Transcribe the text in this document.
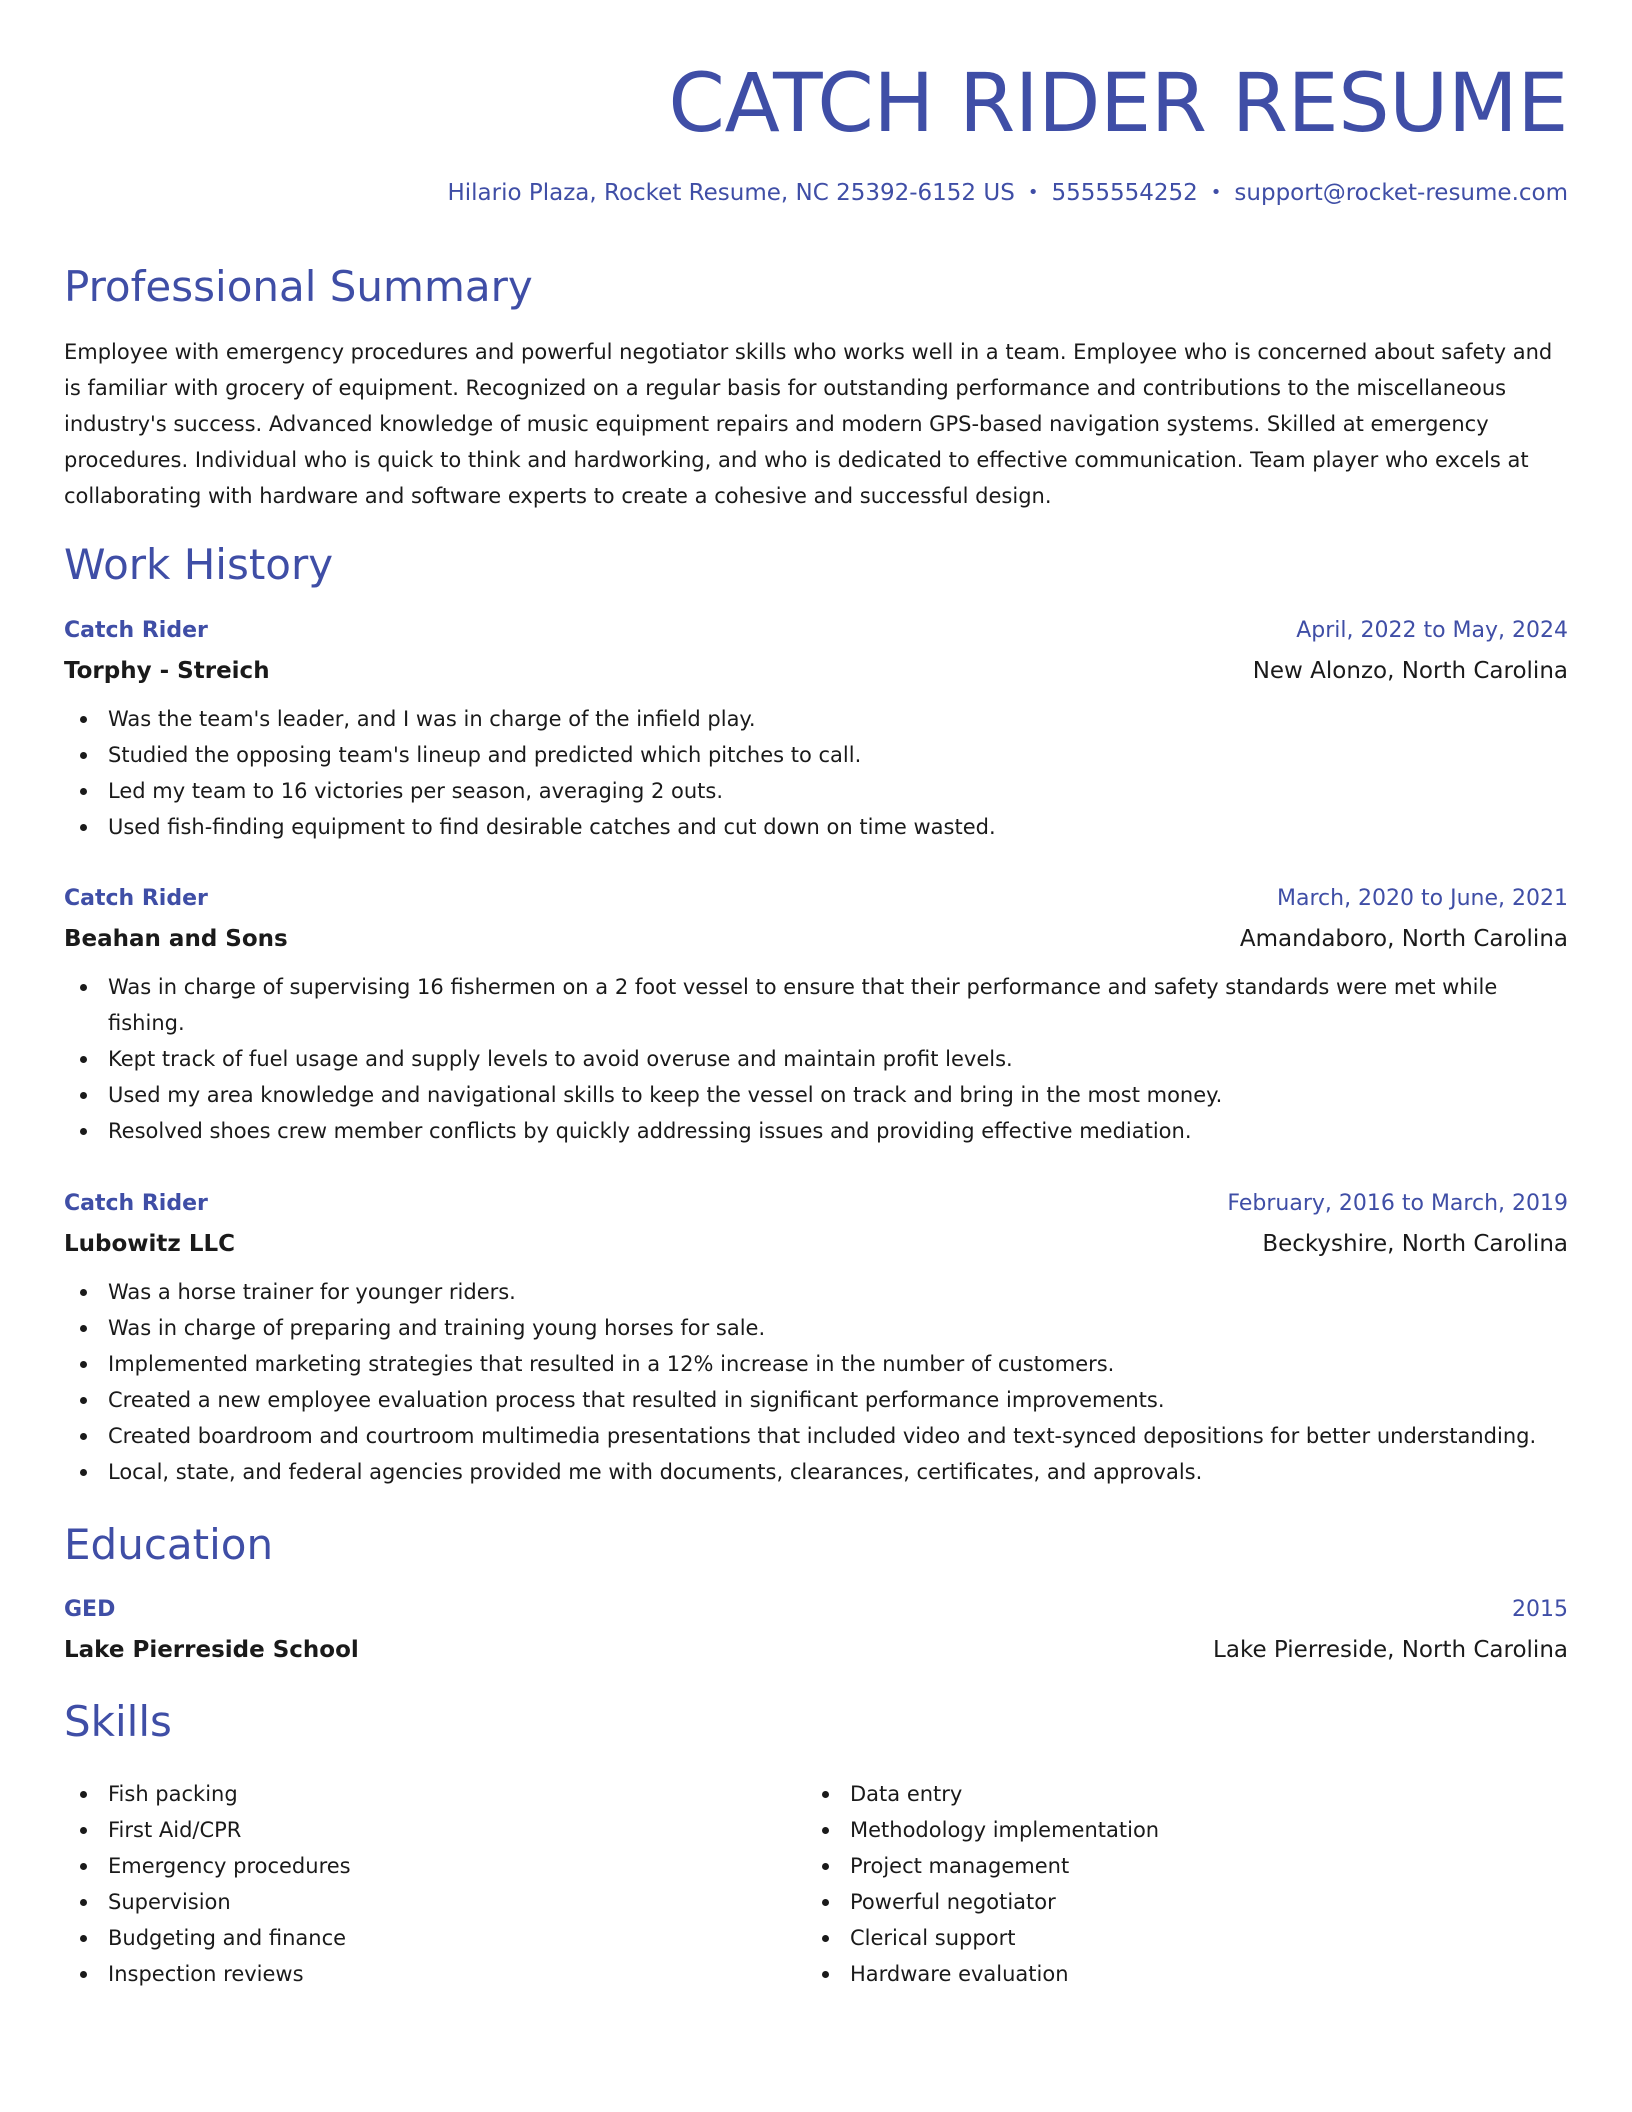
CATCH RIDER RESUME
Hilario Plaza, Rocket Resume, NC 25392-6152 US • 5555554252 • support@rocket-resume.com
Professional Summary

Employee with emergency procedures and powerful negotiator skills who works well in a team. Employee who is concerned about safety and is familiar with grocery of equipment. Recognized on a regular basis for outstanding performance and contributions to the miscellaneous industry's success. Advanced knowledge of music equipment repairs and modern GPS-based navigation systems. Skilled at emergency procedures. Individual who is quick to think and hardworking, and who is dedicated to effective communication. Team player who excels at collaborating with hardware and software experts to create a cohesive and successful design.

Work History
Catch Rider	April, 2022 to May, 2024
Torphy - Streich	New Alonzo, North Carolina
Was the team's leader, and I was in charge of the infield play.
Studied the opposing team's lineup and predicted which pitches to call.
Led my team to 16 victories per season, averaging 2 outs.
Used fish-finding equipment to find desirable catches and cut down on time wasted.
Catch Rider	March, 2020 to June, 2021
Beahan and Sons	Amandaboro, North Carolina
Was in charge of supervising 16 fishermen on a 2 foot vessel to ensure that their performance and safety standards were met while fishing.
Kept track of fuel usage and supply levels to avoid overuse and maintain profit levels.
Used my area knowledge and navigational skills to keep the vessel on track and bring in the most money.
Resolved shoes crew member conflicts by quickly addressing issues and providing effective mediation.
Catch Rider	February, 2016 to March, 2019
Lubowitz LLC	Beckyshire, North Carolina
Was a horse trainer for younger riders.
Was in charge of preparing and training young horses for sale.
Implemented marketing strategies that resulted in a 12% increase in the number of customers.
Created a new employee evaluation process that resulted in significant performance improvements.
Created boardroom and courtroom multimedia presentations that included video and text-synced depositions for better understanding.
Local, state, and federal agencies provided me with documents, clearances, certificates, and approvals.
Education
GED	2015
Lake Pierreside School	Lake Pierreside, North Carolina
Skills
Fish packing
First Aid/CPR
Emergency procedures
Supervision
Budgeting and finance
Inspection reviews
Data entry
Methodology implementation
Project management
Powerful negotiator
Clerical support
Hardware evaluation
